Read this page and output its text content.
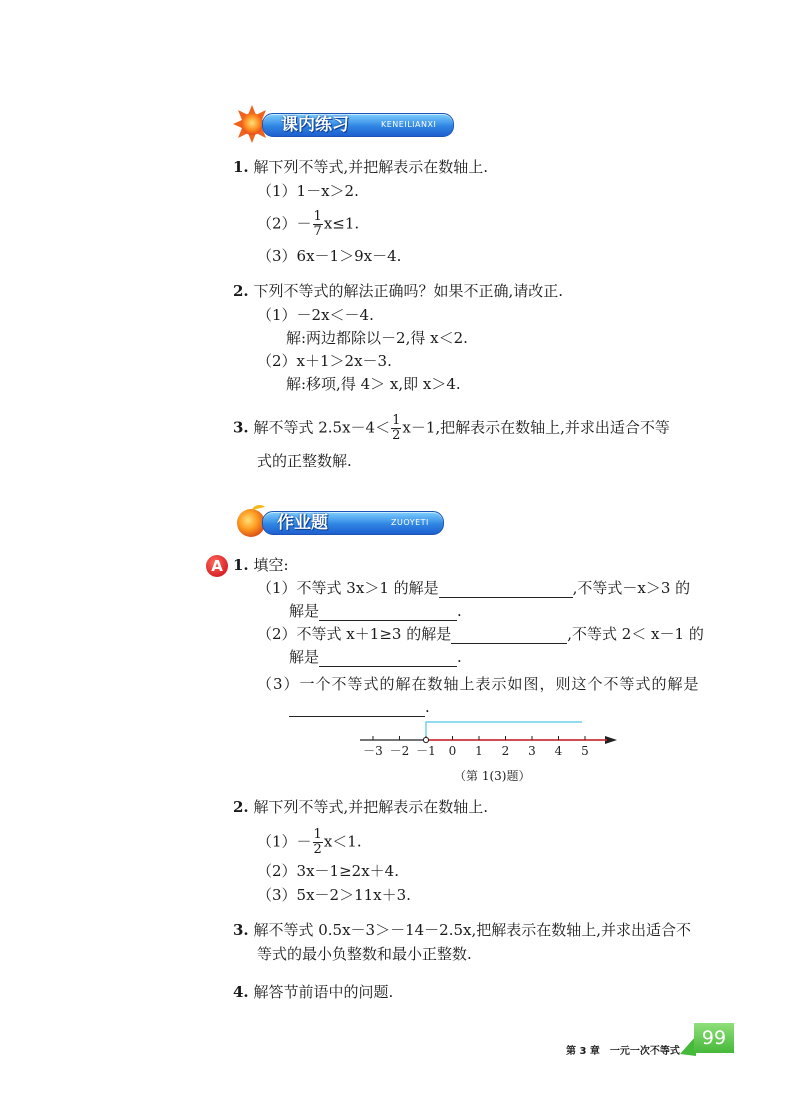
课内练习	KENEILIANXI
1. 解下列不等式,并把解表示在数轴上.
（1）1－x＞2.
$(2)- \frac{1}{7} x\le 1$.
（3）6x－1＞9x－4.
2. 下列不等式的解法正确吗？如果不正确,请改正.
（1）－2x＜－4.
解:两边都除以－2,得 x＜2.
（2）x＋1＞2x－3.
解:移项,得 4＞ x,即 x＞4.
3. 解不等式 $2.5x-4< \frac{1}{2} x-1$,把解表示在数轴上,并求出适合不等
式的正整数解.
作业题	ZUOYETI
A 1. 填空:
（1）不等式 3x＞1 的解是	,不等式－x＞3 的
解是	.
（2）不等式 x＋1≥3 的解是	,不等式 2＜ x－1 的
解是	.
（3）一个不等式的解在数轴上表示如图，则这个不等式的解是
.
－3 －2 －1 0 1 2 3 4 5
（第 1(3)题）
2. 解下列不等式,并把解表示在数轴上.
$(1)- \frac{1}{2} x<1$.
（2）3x－1≥2x＋4.
（3）5x－2＞11x＋3.
3. 解不等式 0.5x－3＞－14－2.5x,把解表示在数轴上,并求出适合不
等式的最小负整数和最小正整数.
4. 解答节前语中的问题.
第 3 章　一元一次不等式
99
